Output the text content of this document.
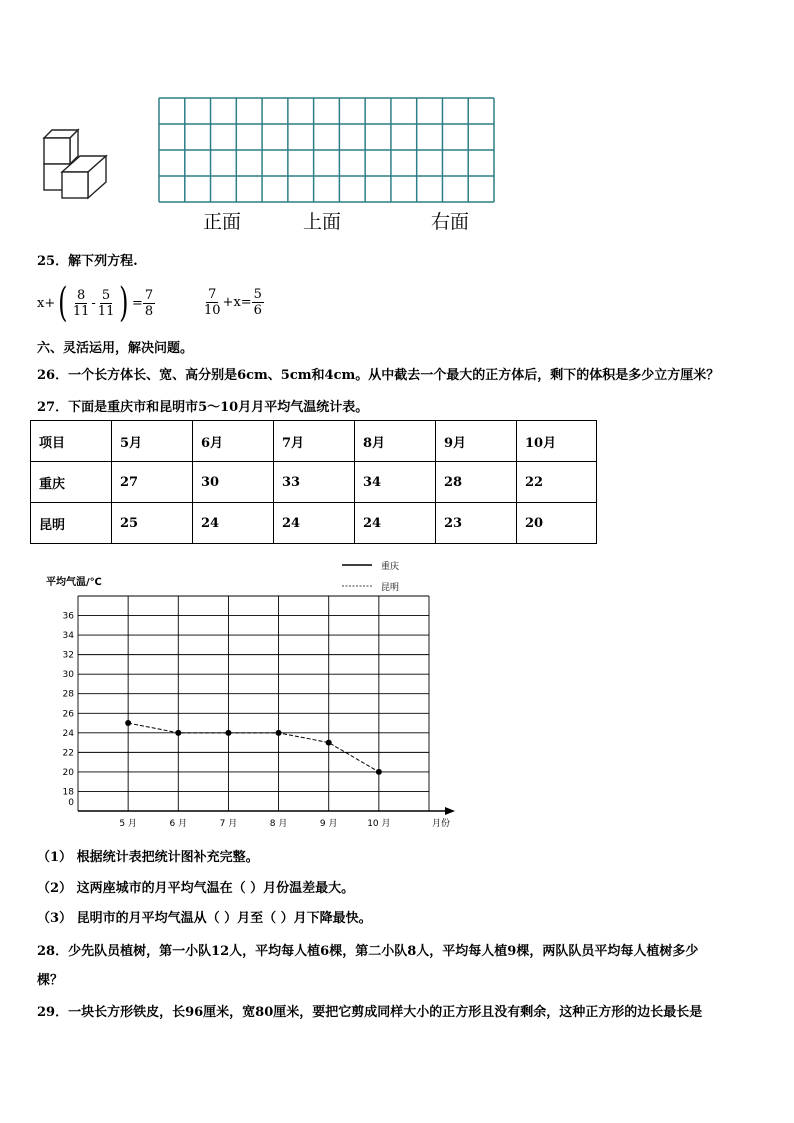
正面	上面	右面
25．解下列方程.
x+ ( $\frac{8}{11} - \frac{5}{11}$ ) = $\frac{7}{8}$	$\frac{7}{10} +x= \frac{5}{6}$
六、灵活运用，解决问题。
26．一个长方体长、宽、高分别是6cm、5cm和4cm。从中截去一个最大的正方体后，剩下的体积是多少立方厘米？
27．下面是重庆市和昆明市5～10月月平均气温统计表。
项目	5月	6月	7月	8月	9月	10月
重庆	27	30	33	34	28	22
昆明	25	24	24	24	23	20
平均气温/℃
0
18
20
22
24
26
28
30
32
34
36
5 月	6 月	7 月	8 月	9 月	10 月	月份
重庆
昆明
（1） 根据统计表把统计图补充完整。
（2） 这两座城市的月平均气温在（ ）月份温差最大。
（3） 昆明市的月平均气温从（ ）月至（ ）月下降最快。
28．少先队员植树，第一小队12人，平均每人植6棵，第二小队8人，平均每人植9棵，两队队员平均每人植树多少
棵？
29．一块长方形铁皮，长96厘米，宽80厘米，要把它剪成同样大小的正方形且没有剩余，这种正方形的边长最长是
